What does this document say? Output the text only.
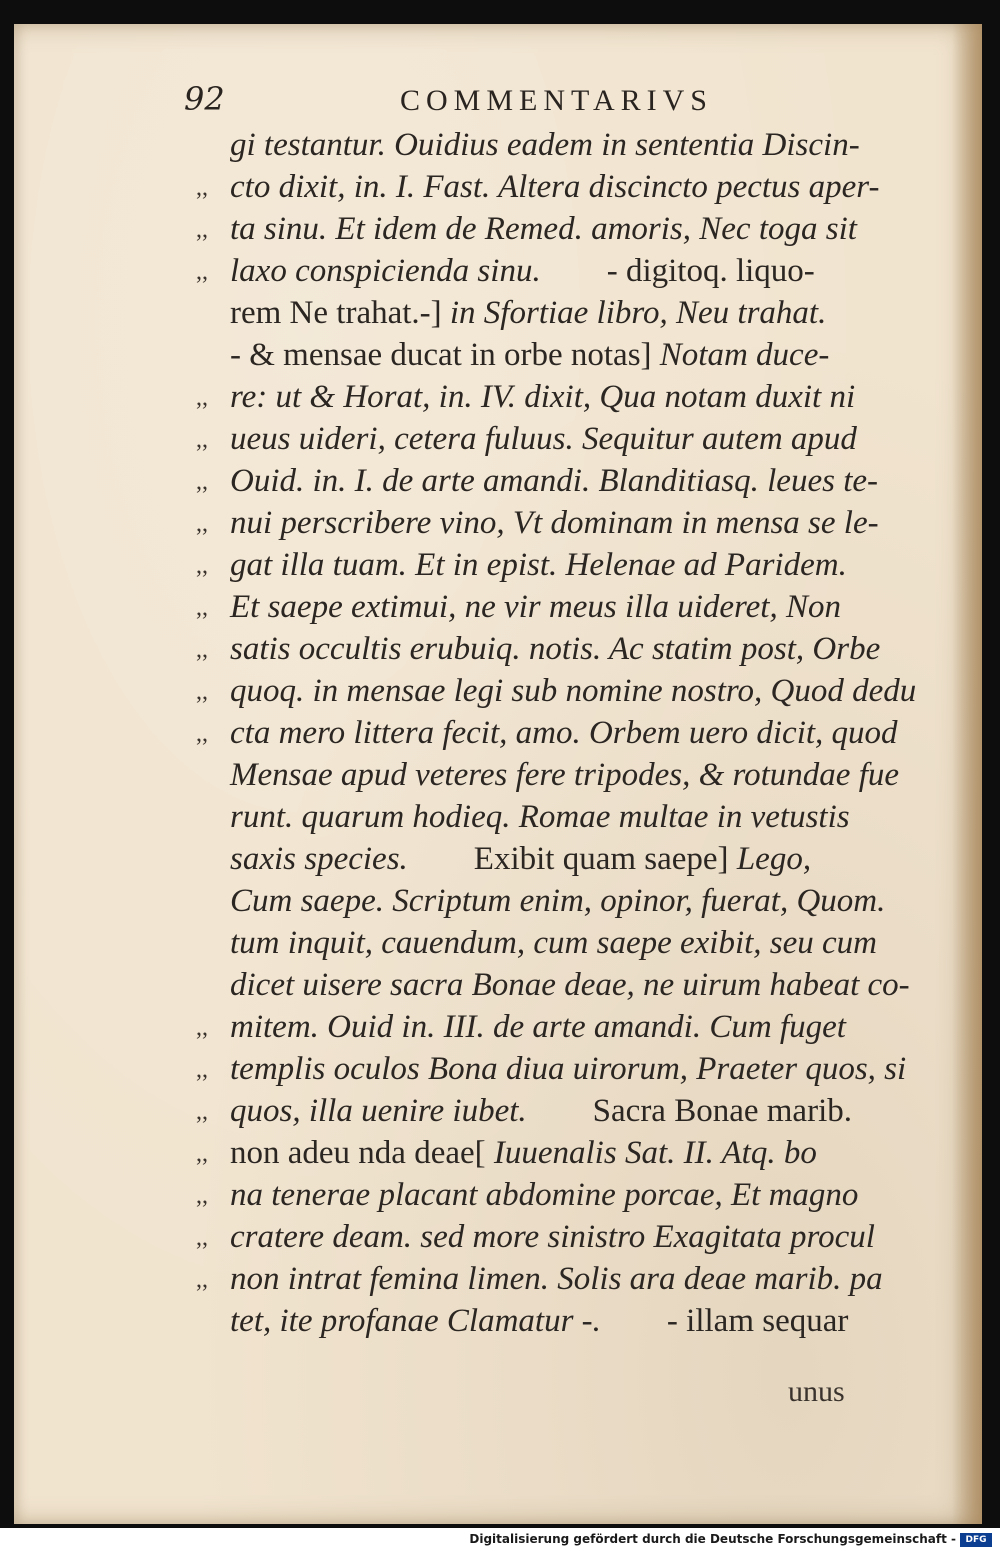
92	COMMENTARIVS
gi testantur. Ouidius eadem in sententia Discin-
,, cto dixit, in. I. Fast. Altera discincto pectus aper-
,, ta sinu. Et idem de Remed. amoris, Nec toga sit
,, laxo conspicienda sinu.   - digitoq. liquo-
rem Ne trahat.-] in Sfortiae libro, Neu trahat.
- & mensae ducat in orbe notas] Notam duce-
,, re: ut & Horat, in. IV. dixit, Qua notam duxit ni
,, ueus uideri, cetera fuluus. Sequitur autem apud
,, Ouid. in. I. de arte amandi. Blanditiasq. leues te-
,, nui perscribere vino, Vt dominam in mensa se le-
,, gat illa tuam. Et in epist. Helenae ad Paridem.
,, Et saepe extimui, ne vir meus illa uideret, Non
,, satis occultis erubuiq. notis. Ac statim post, Orbe
,, quoq. in mensae legi sub nomine nostro, Quod dedu
,, cta mero littera fecit, amo. Orbem uero dicit, quod
Mensae apud veteres fere tripodes, & rotundae fue
runt. quarum hodieq. Romae multae in vetustis
saxis species.   Exibit quam saepe] Lego,
Cum saepe. Scriptum enim, opinor, fuerat, Quom.
tum inquit, cauendum, cum saepe exibit, seu cum
dicet uisere sacra Bonae deae, ne uirum habeat co-
,, mitem. Ouid in. III. de arte amandi. Cum fuget
,, templis oculos Bona diua uirorum, Praeter quos, si
,, quos, illa uenire iubet.   Sacra Bonae marib.
,, non adeu nda deae[ Iuuenalis Sat. II. Atq. bo
,, na tenerae placant abdomine porcae, Et magno
,, cratere deam. sed more sinistro Exagitata procul
,, non intrat femina limen. Solis ara deae marib. pa
tet, ite profanae Clamatur -.   - illam sequar
unus
Digitalisierung gefördert durch die Deutsche Forschungsgemeinschaft -	DFG
